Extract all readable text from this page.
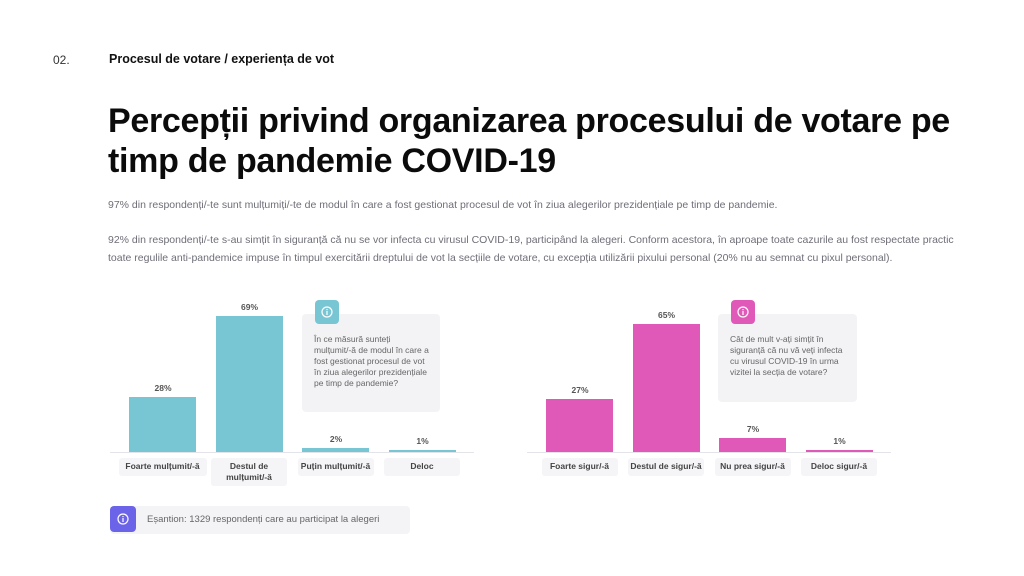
02.	Procesul de votare / experiența de vot
Percepții privind organizarea procesului de votare pe timp de pandemie COVID-19
97% din respondenți/-te sunt mulțumiți/-te de modul în care a fost gestionat procesul de vot în ziua alegerilor prezidențiale pe timp de pandemie.
92% din respondenți/-te s-au simțit în siguranță că nu se vor infecta cu virusul COVID-19, participând la alegeri. Conform acestora, în aproape toate cazurile au fost respectate practic toate regulile anti-pandemice impuse în timpul exercitării dreptului de vot la secțiile de votare, cu excepția utilizării pixului personal (20% nu au semnat cu pixul personal).
În ce măsură sunteți mulțumit/-ă de modul în care a fost gestionat procesul de vot în ziua alegerilor prezidențiale pe timp de pandemie?
28%
Foarte mulțumit/-ă
69%
Destul de mulțumit/-ă
2%
Puțin mulțumit/-ă
1%
Deloc
Cât de mult v-ați simțit în siguranță că nu vă veți infecta cu virusul COVID-19 în urma vizitei la secția de votare?
27%
Foarte sigur/-ă
65%
Destul de sigur/-ă
7%
Nu prea sigur/-ă
1%
Deloc sigur/-ă
Eșantion: 1329 respondenți care au participat la alegeri
